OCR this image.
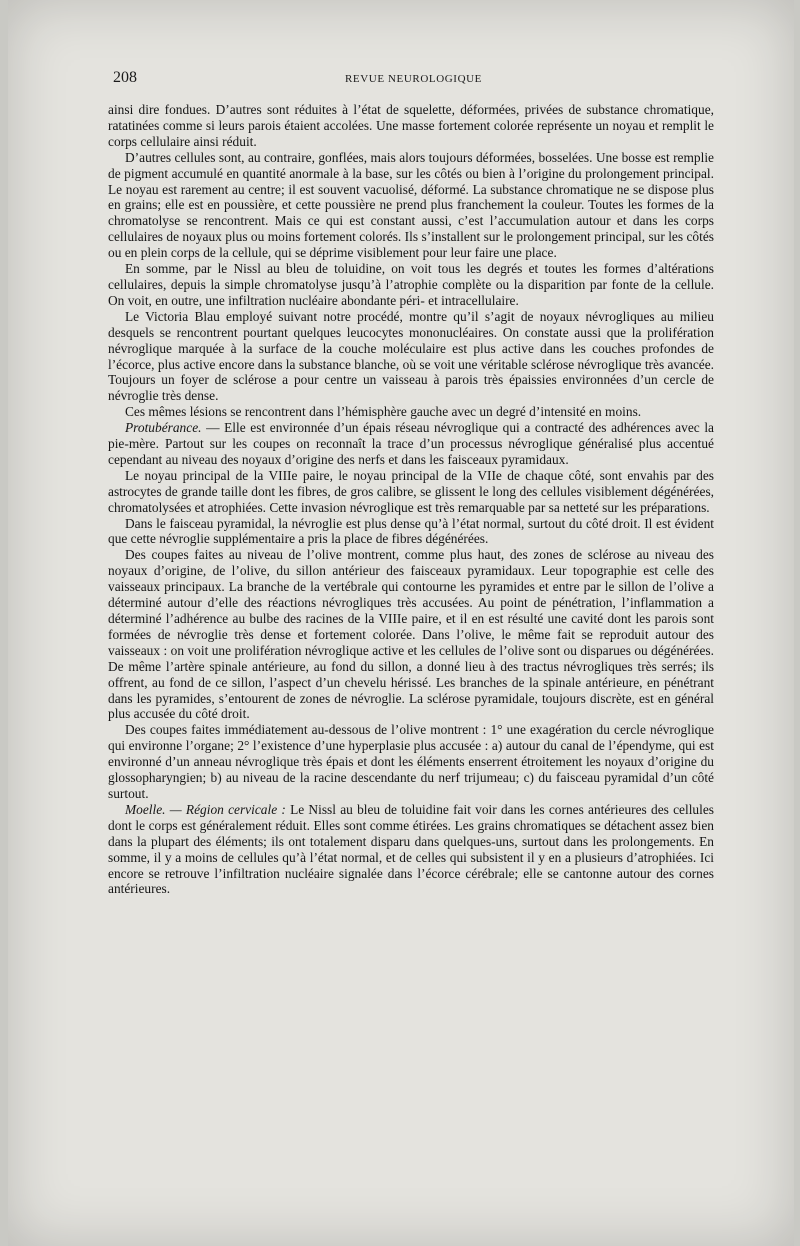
208	REVUE NEUROLOGIQUE

ainsi dire fondues. D’autres sont réduites à l’état de squelette, déformées, privées de substance chromatique, ratatinées comme si leurs parois étaient accolées. Une masse fortement colorée représente un noyau et remplit le corps cellulaire ainsi réduit.

D’autres cellules sont, au contraire, gonflées, mais alors toujours déformées, bosselées. Une bosse est remplie de pigment accumulé en quantité anormale à la base, sur les côtés ou bien à l’origine du prolongement principal. Le noyau est rarement au centre; il est souvent vacuolisé, déformé. La substance chromatique ne se dispose plus en grains; elle est en poussière, et cette poussière ne prend plus franchement la couleur. Toutes les formes de la chromatolyse se rencontrent. Mais ce qui est constant aussi, c’est l’accumulation autour et dans les corps cellulaires de noyaux plus ou moins fortement colorés. Ils s’installent sur le prolongement principal, sur les côtés ou en plein corps de la cellule, qui se déprime visiblement pour leur faire une place.

En somme, par le Nissl au bleu de toluidine, on voit tous les degrés et toutes les formes d’altérations cellulaires, depuis la simple chromatolyse jusqu’à l’atrophie complète ou la disparition par fonte de la cellule. On voit, en outre, une infiltration nucléaire abondante péri- et intracellulaire.

Le Victoria Blau employé suivant notre procédé, montre qu’il s’agit de noyaux névrogliques au milieu desquels se rencontrent pourtant quelques leucocytes mononucléaires. On constate aussi que la prolifération névroglique marquée à la surface de la couche moléculaire est plus active dans les couches profondes de l’écorce, plus active encore dans la substance blanche, où se voit une véritable sclérose névroglique très avancée. Toujours un foyer de sclérose a pour centre un vaisseau à parois très épaissies environnées d’un cercle de névroglie très dense.

Ces mêmes lésions se rencontrent dans l’hémisphère gauche avec un degré d’intensité en moins.

Protubérance. — Elle est environnée d’un épais réseau névroglique qui a contracté des adhérences avec la pie-mère. Partout sur les coupes on reconnaît la trace d’un processus névroglique généralisé plus accentué cependant au niveau des noyaux d’origine des nerfs et dans les faisceaux pyramidaux.

Le noyau principal de la VIIIe paire, le noyau principal de la VIIe de chaque côté, sont envahis par des astrocytes de grande taille dont les fibres, de gros calibre, se glissent le long des cellules visiblement dégénérées, chromatolysées et atrophiées. Cette invasion névroglique est très remarquable par sa netteté sur les préparations.

Dans le faisceau pyramidal, la névroglie est plus dense qu’à l’état normal, surtout du côté droit. Il est évident que cette névroglie supplémentaire a pris la place de fibres dégénérées.

Des coupes faites au niveau de l’olive montrent, comme plus haut, des zones de sclérose au niveau des noyaux d’origine, de l’olive, du sillon antérieur des faisceaux pyramidaux. Leur topographie est celle des vaisseaux principaux. La branche de la vertébrale qui contourne les pyramides et entre par le sillon de l’olive a déterminé autour d’elle des réactions névrogliques très accusées. Au point de pénétration, l’inflammation a déterminé l’adhérence au bulbe des racines de la VIIIe paire, et il en est résulté une cavité dont les parois sont formées de névroglie très dense et fortement colorée. Dans l’olive, le même fait se reproduit autour des vaisseaux : on voit une prolifération névroglique active et les cellules de l’olive sont ou disparues ou dégénérées. De même l’artère spinale antérieure, au fond du sillon, a donné lieu à des tractus névrogliques très serrés; ils offrent, au fond de ce sillon, l’aspect d’un chevelu hérissé. Les branches de la spinale antérieure, en pénétrant dans les pyramides, s’entourent de zones de névroglie. La sclérose pyramidale, toujours discrète, est en général plus accusée du côté droit.

Des coupes faites immédiatement au-dessous de l’olive montrent : 1° une exagération du cercle névroglique qui environne l’organe; 2° l’existence d’une hyperplasie plus accusée : a) autour du canal de l’épendyme, qui est environné d’un anneau névroglique très épais et dont les éléments enserrent étroitement les noyaux d’origine du glossopharyngien; b) au niveau de la racine descendante du nerf trijumeau; c) du faisceau pyramidal d’un côté surtout.

Moelle. — Région cervicale : Le Nissl au bleu de toluidine fait voir dans les cornes antérieures des cellules dont le corps est généralement réduit. Elles sont comme étirées. Les grains chromatiques se détachent assez bien dans la plupart des éléments; ils ont totalement disparu dans quelques-uns, surtout dans les prolongements. En somme, il y a moins de cellules qu’à l’état normal, et de celles qui subsistent il y en a plusieurs d’atrophiées. Ici encore se retrouve l’infiltration nucléaire signalée dans l’écorce cérébrale; elle se cantonne autour des cornes antérieures.
